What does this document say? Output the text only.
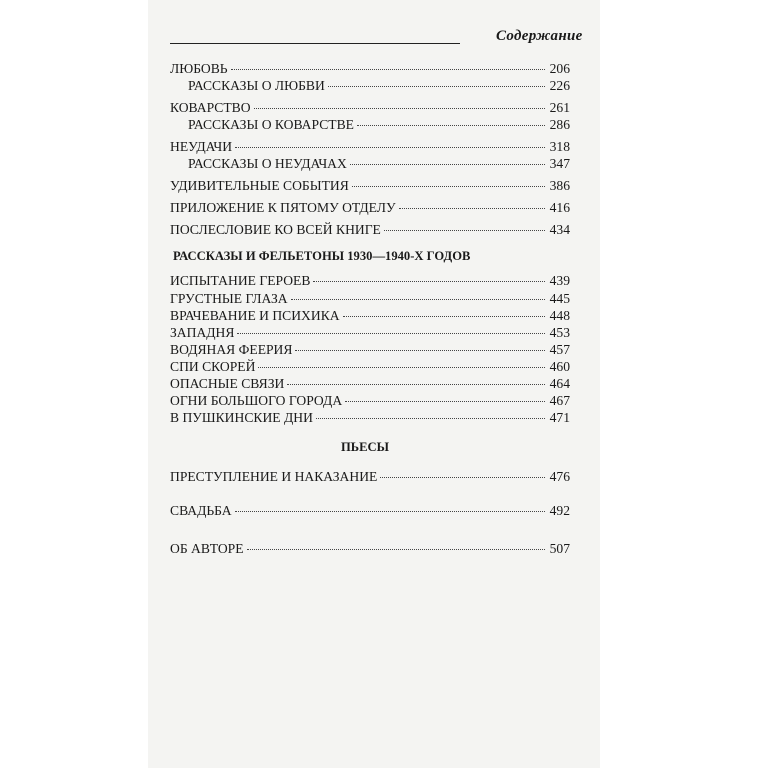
Содержание
ЛЮБОВЬ	206
РАССКАЗЫ О ЛЮБВИ	226
КОВАРСТВО	261
РАССКАЗЫ О КОВАРСТВЕ	286
НЕУДАЧИ	318
РАССКАЗЫ О НЕУДАЧАХ	347
УДИВИТЕЛЬНЫЕ СОБЫТИЯ	386
ПРИЛОЖЕНИЕ К ПЯТОМУ ОТДЕЛУ	416
ПОСЛЕСЛОВИЕ КО ВСЕЙ КНИГЕ	434
РАССКАЗЫ И ФЕЛЬЕТОНЫ 1930—1940-Х ГОДОВ
ИСПЫТАНИЕ ГЕРОЕВ	439
ГРУСТНЫЕ ГЛАЗА	445
ВРАЧЕВАНИЕ И ПСИХИКА	448
ЗАПАДНЯ	453
ВОДЯНАЯ ФЕЕРИЯ	457
СПИ СКОРЕЙ	460
ОПАСНЫЕ СВЯЗИ	464
ОГНИ БОЛЬШОГО ГОРОДА	467
В ПУШКИНСКИЕ ДНИ	471
ПЬЕСЫ
ПРЕСТУПЛЕНИЕ И НАКАЗАНИЕ	476
СВАДЬБА	492
ОБ АВТОРЕ	507
